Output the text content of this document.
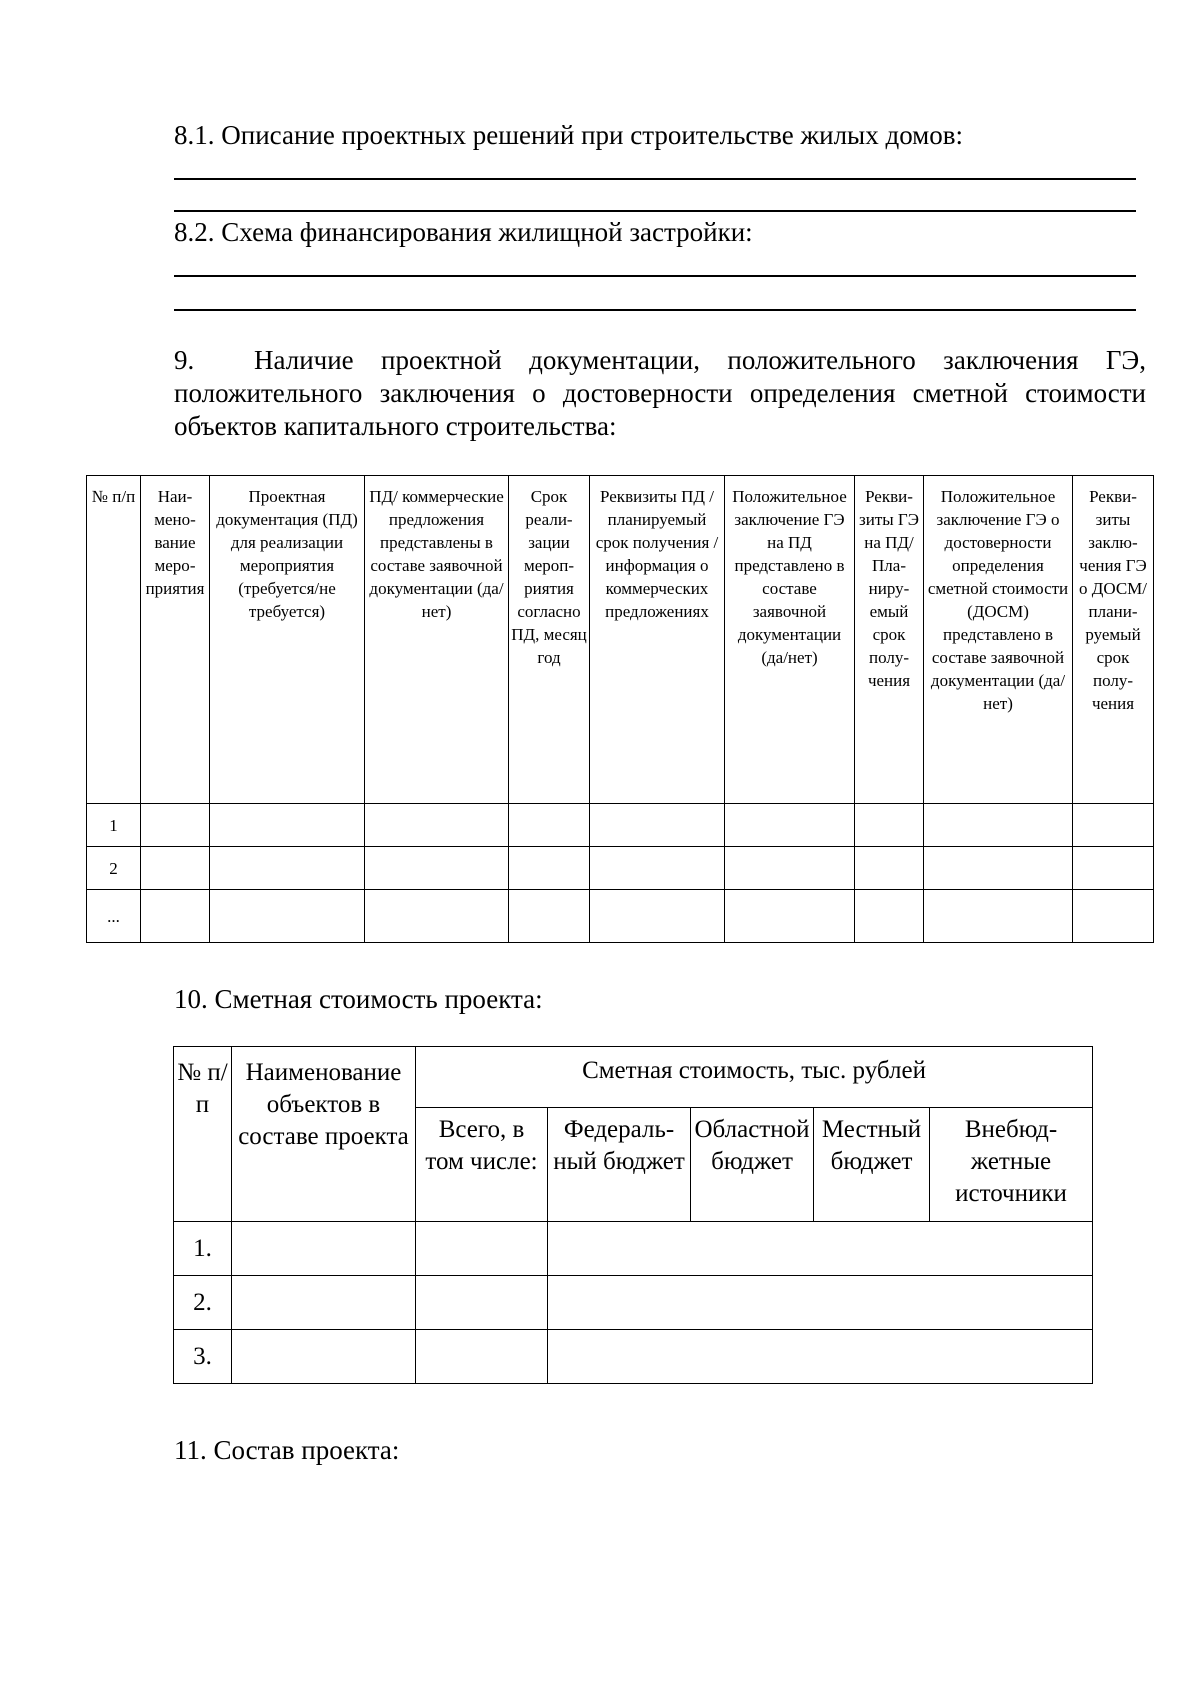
8.1. Описание проектных решений при строительстве жилых домов:
8.2. Схема финансирования жилищной застройки:
9. Наличие проектной документации, положительного заключения ГЭ, положительного заключения о достоверности определения сметной стоимости объектов капитального строительства:
№ п/п	Наименование мероприятия	Проектная документация (ПД) для реализации мероприятия (требуется/не требуется)	ПД/ коммерческие предложения представлены в составе заявочной документации (да/нет)	Срок реализации мероприятия согласно ПД, месяц год	Реквизиты ПД /планируемый срок получения / информация о коммерческих предложениях	Положительное заключение ГЭ на ПД представлено в составе заявочной документации (да/нет)	Реквизиты ГЭ на ПД/ Планируемый срок получения	Положительное заключение ГЭ о достоверности определения сметной стоимости (ДОСМ) представлено в составе заявочной документации (да/нет)	Реквизиты заключения ГЭ о ДОСМ/ планируемый срок получения
1									
2									
...									
10. Сметная стоимость проекта:
№ п/п	Наименование объектов в составе проекта	Сметная стоимость, тыс. рублей				
		Всего, в том числе:	Федеральный бюджет	Областной бюджет	Местный бюджет	Внебюджетные источники
1.						
2.						
3.						
11. Состав проекта:
